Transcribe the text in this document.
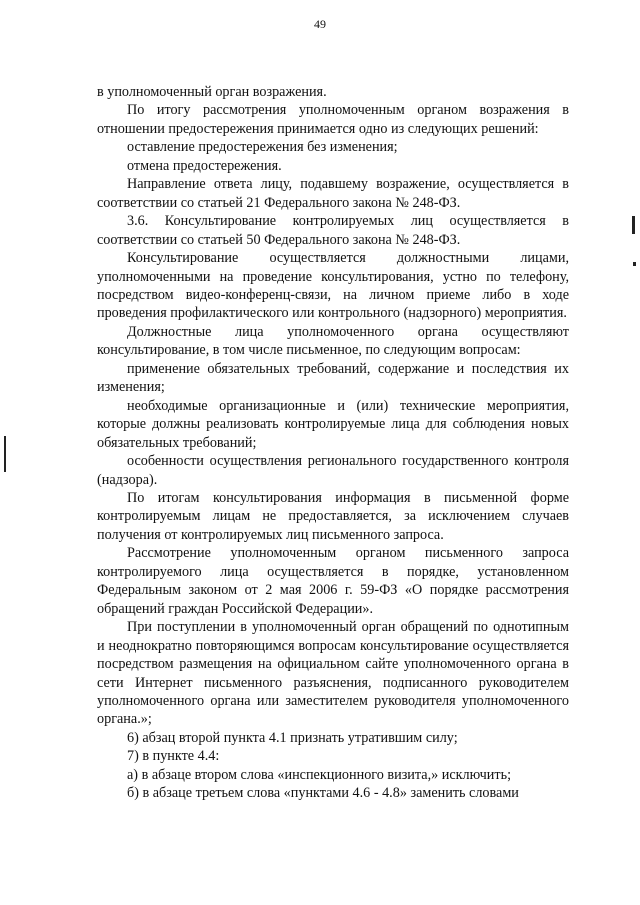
49

в уполномоченный орган возражения.

По итогу рассмотрения уполномоченным органом возражения в отношении предостережения принимается одно из следующих решений:

оставление предостережения без изменения;

отмена предостережения.

Направление ответа лицу, подавшему возражение, осуществляется в соответствии со статьей 21 Федерального закона № 248-ФЗ.

3.6. Консультирование контролируемых лиц осуществляется в соответствии со статьей 50 Федерального закона № 248-ФЗ.

Консультирование осуществляется должностными лицами, уполномоченными на проведение консультирования, устно по телефону, посредством видео-конференц-связи, на личном приеме либо в ходе проведения профилактического или контрольного (надзорного) мероприятия.

Должностные лица уполномоченного органа осуществляют консультирование, в том числе письменное, по следующим вопросам:

применение обязательных требований, содержание и последствия их изменения;

необходимые организационные и (или) технические мероприятия, которые должны реализовать контролируемые лица для соблюдения новых обязательных требований;

особенности осуществления регионального государственного контроля (надзора).

По итогам консультирования информация в письменной форме контролируемым лицам не предоставляется, за исключением случаев получения от контролируемых лиц письменного запроса.

Рассмотрение уполномоченным органом письменного запроса контролируемого лица осуществляется в порядке, установленном Федеральным законом от 2 мая 2006 г. 59-ФЗ «О порядке рассмотрения обращений граждан Российской Федерации».

При поступлении в уполномоченный орган обращений по однотипным и неоднократно повторяющимся вопросам консультирование осуществляется посредством размещения на официальном сайте уполномоченного органа в сети Интернет письменного разъяснения, подписанного руководителем уполномоченного органа или заместителем руководителя уполномоченного органа.»;

6) абзац второй пункта 4.1 признать утратившим силу;

7) в пункте 4.4:

а) в абзаце втором слова «инспекционного визита,» исключить;

б) в абзаце третьем слова «пунктами 4.6 - 4.8» заменить словами
